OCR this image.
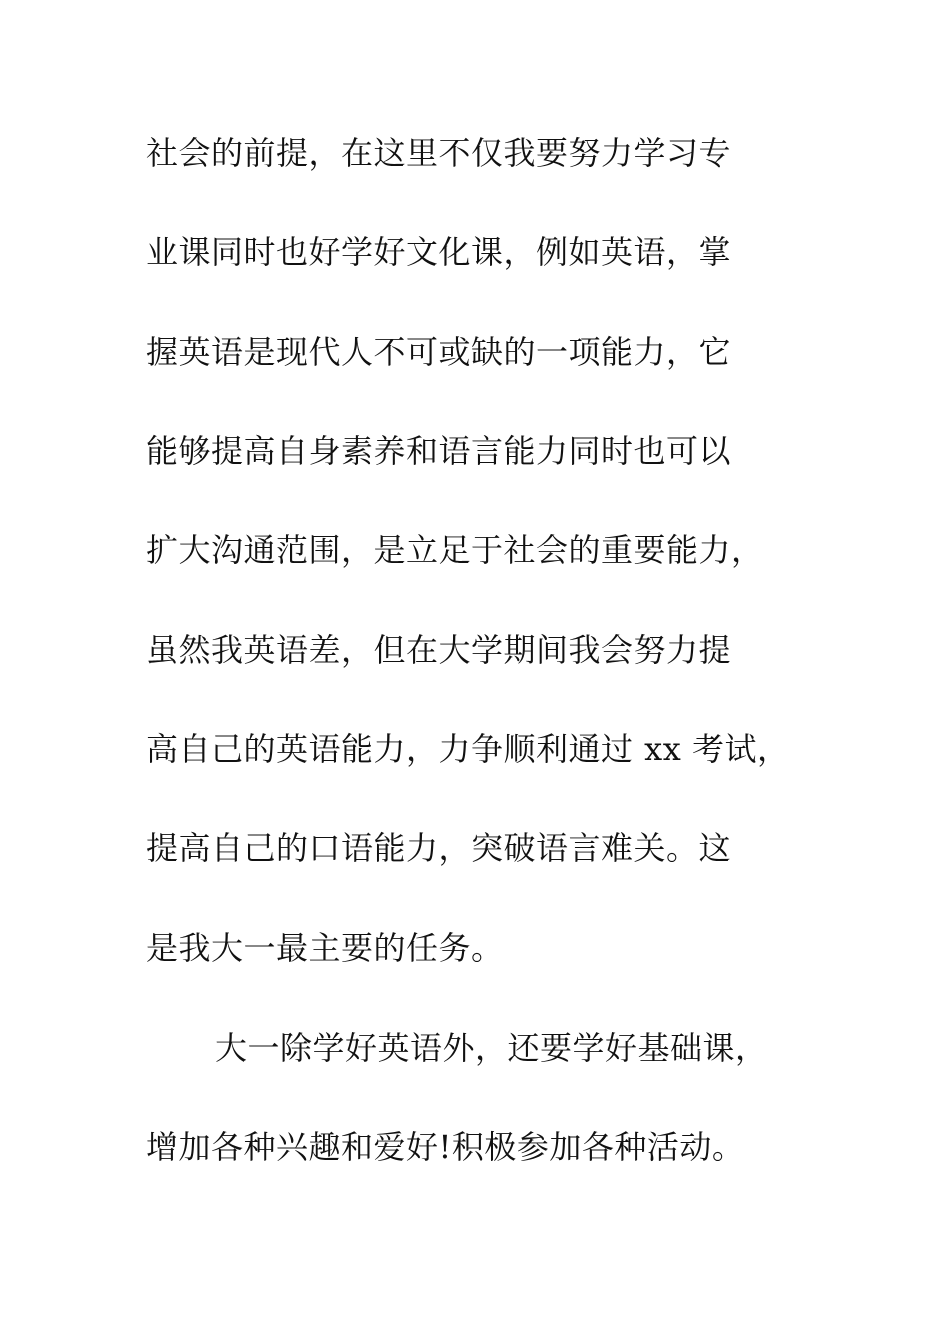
社会的前提，在这里不仅我要努力学习专
业课同时也好学好文化课，例如英语，掌
握英语是现代人不可或缺的一项能力，它
能够提高自身素养和语言能力同时也可以
扩大沟通范围，是立足于社会的重要能力，
虽然我英语差，但在大学期间我会努力提
高自己的英语能力，力争顺利通过 xx 考试，
提高自己的口语能力，突破语言难关。这
是我大一最主要的任务。
大一除学好英语外，还要学好基础课，
增加各种兴趣和爱好!积极参加各种活动。
